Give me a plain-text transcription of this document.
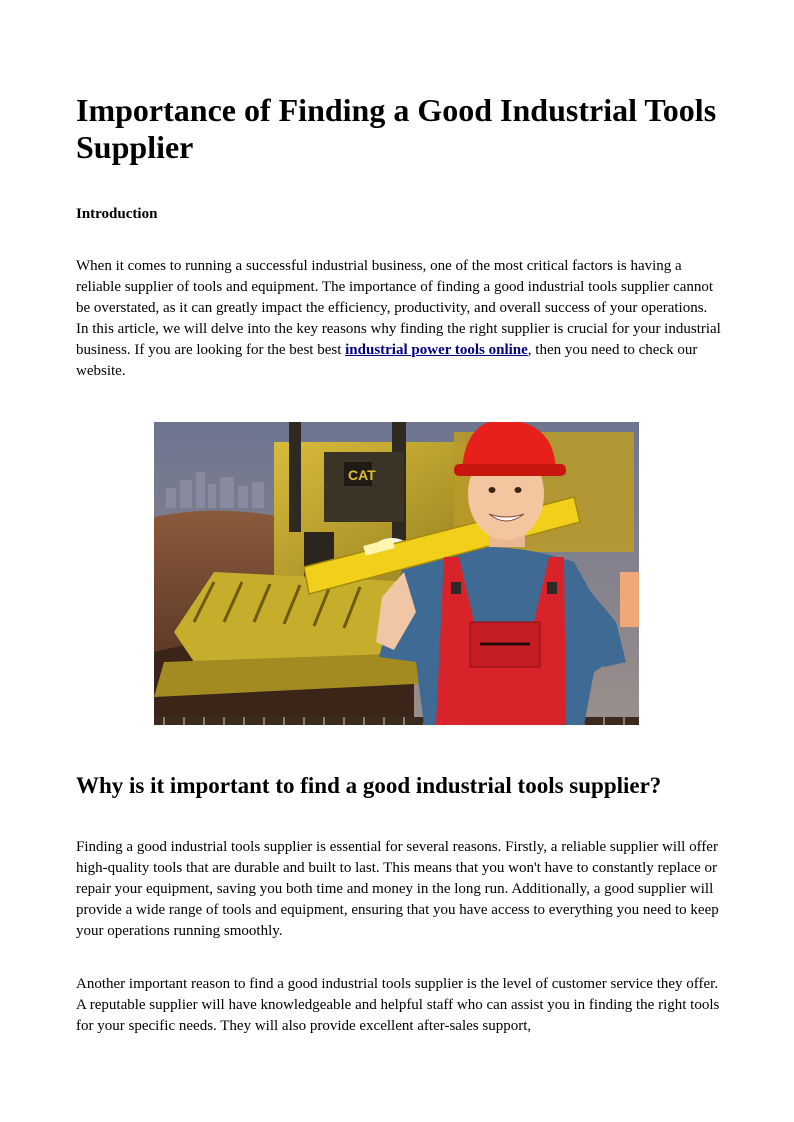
Importance of Finding a Good Industrial Tools Supplier
Introduction

When it comes to running a successful industrial business, one of the most critical factors is having a reliable supplier of tools and equipment. The importance of finding a good industrial tools supplier cannot be overstated, as it can greatly impact the efficiency, productivity, and overall success of your operations. In this article, we will delve into the key reasons why finding the right supplier is crucial for your industrial business. If you are looking for the best best industrial power tools online, then you need to check our website.

Why is it important to find a good industrial tools supplier?

Finding a good industrial tools supplier is essential for several reasons. Firstly, a reliable supplier will offer high-quality tools that are durable and built to last. This means that you won't have to constantly replace or repair your equipment, saving you both time and money in the long run. Additionally, a good supplier will provide a wide range of tools and equipment, ensuring that you have access to everything you need to keep your operations running smoothly.

Another important reason to find a good industrial tools supplier is the level of customer service they offer. A reputable supplier will have knowledgeable and helpful staff who can assist you in finding the right tools for your specific needs. They will also provide excellent after-sales support,

CAT
